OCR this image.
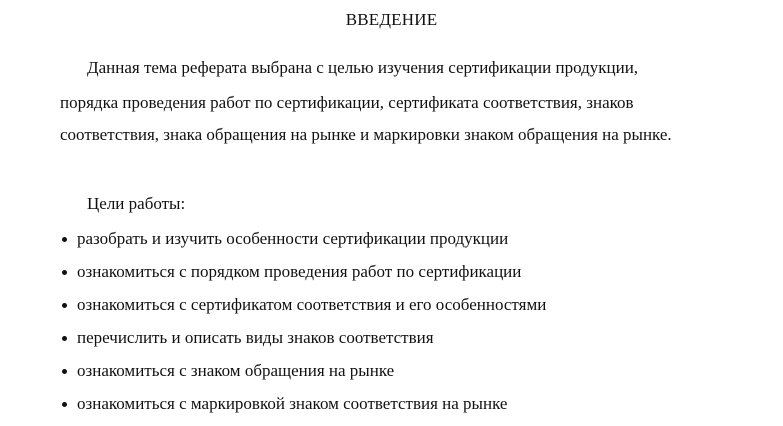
ВВЕДЕНИЕ
Данная тема реферата выбрана с целью изучения сертификации продукции,
порядка проведения работ по сертификации, сертификата соответствия, знаков
соответствия, знака обращения на рынке и маркировки знаком обращения на рынке.
Цели работы:
разобрать и изучить особенности сертификации продукции
ознакомиться с порядком проведения работ по сертификации
ознакомиться с сертификатом соответствия и его особенностями
перечислить и описать виды знаков соответствия
ознакомиться с знаком обращения на рынке
ознакомиться с маркировкой знаком соответствия на рынке
